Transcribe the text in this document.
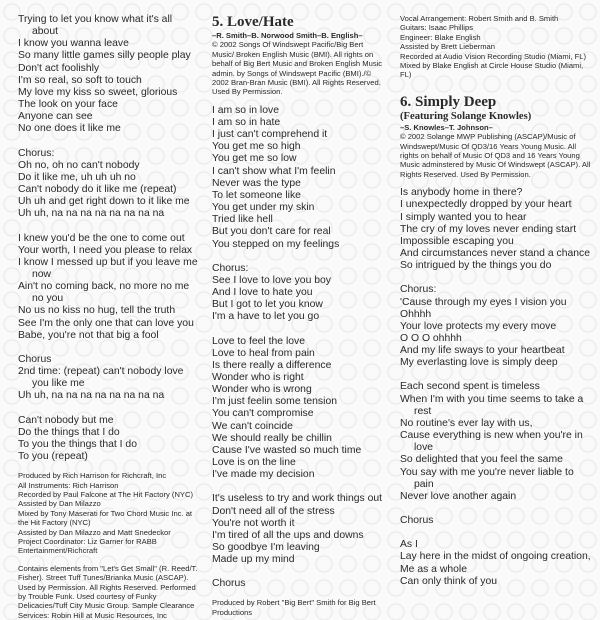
Trying to let you know what it's all about
I know you wanna leave
So many little games silly people play
Don't act foolishly
I'm so real, so soft to touch
My love my kiss so sweet, glorious
The look on your face
Anyone can see
No one does it like me
Chorus:
Oh no, oh no can't nobody
Do it like me, uh uh uh no
Can't nobody do it like me (repeat)
Uh uh and get right down to it like me
Uh uh, na na na na na na na na
I knew you'd be the one to come out
Your worth, I need you please to relax
I know I messed up but if you leave me now
Ain't no coming back, no more no me no you
No us no kiss no hug, tell the truth
See I'm the only one that can love you
Babe, you're not that big a fool
Chorus
2nd time: (repeat) can't nobody love you like me
Uh uh, na na na na na na na na
Can't nobody but me
Do the things that I do
To you the things that I do
To you (repeat)

Produced by Rich Harrison for Richcraft, Inc

All Instruments: Rich Harrison

Recorded by Paul Falcone at The Hit Factory (NYC)

Assisted by Dan Milazzo

Mixed by Tony Maserati for Two Chord Music Inc. at the Hit Factory (NYC)

Assisted by Dan Milazzo and Matt Snedeckor

Project Coordinator: Liz Garner for RABB Entertainment/Richcraft

Contains elements from "Let's Get Small" (R. Reed/T. Fisher). Street Tuff Tunes/Brianka Music (ASCAP). Used by Permission. All Rights Reserved. Performed by Trouble Funk. Used courtesy of Funky Delicacies/Tuff City Music Group. Sample Clearance Services: Robin Hill at Music Resources, Inc
5. Love/Hate
–R. Smith–B. Norwood Smith–B. English–
© 2002 Songs Of Windswept Pacific/Big Bert Music/ Broken English Music (BMI). All rights on behalf of Big Bert Music and Broken English Music admin. by Songs of Windswept Pacific (BMI)./© 2002 Bran-Bran Music (BMI). All Rights Reserved. Used By Permission.
I am so in love
I am so in hate
I just can't comprehend it
You get me so high
You get me so low
I can't show what I'm feelin
Never was the type
To let someone like
You get under my skin
Tried like hell
But you don't care for real
You stepped on my feelings
Chorus:
See I love to love you boy
And I love to hate you
But I got to let you know
I'm a have to let you go
Love to feel the love
Love to heal from pain
Is there really a difference
Wonder who is right
Wonder who is wrong
I'm just feelin some tension
You can't compromise
We can't coincide
We should really be chillin
Cause I've wasted so much time
Love is on the line
I've made my decision
It's useless to try and work things out
Don't need all of the stress
You're not worth it
I'm tired of all the ups and downs
So goodbye I'm leaving
Made up my mind
Chorus
Produced by Robert "Big Bert" Smith for Big Bert Productions

Vocal Arrangement: Robert Smith and B. Smith

Guitars: Isaac Phillips

Engineer: Blake English

Assisted by Brett Lieberman

Recorded at Audio Vision Recording Studio (Miami, FL)

Mixed by Blake English at Circle House Studio (Miami, FL)

6. Simply Deep
(Featuring Solange Knowles)
–S. Knowles–T. Johnson–
© 2002 Solange MWP Publishing (ASCAP)/Music of Windswept/Music Of QD3/16 Years Young Music. All rights on behalf of Music Of QD3 and 16 Years Young Music adminstered by Music Of Windswept (ASCAP). All Rights Reserved. Used By Permission.
Is anybody home in there?
I unexpectedly dropped by your heart
I simply wanted you to hear
The cry of my loves never ending start
Impossible escaping you
And circumstances never stand a chance
So intrigued by the things you do
Chorus:
'Cause through my eyes I vision you
Ohhhh
Your love protects my every move
O O O ohhhh
And my life sways to your heartbeat
My everlasting love is simply deep
Each second spent is timeless
When I'm with you time seems to take a rest
No routine's ever lay with us,
Cause everything is new when you're in love
So delighted that you feel the same
You say with me you're never liable to pain
Never love another again
Chorus
As I
Lay here in the midst of ongoing creation,
Me as a whole
Can only think of you
